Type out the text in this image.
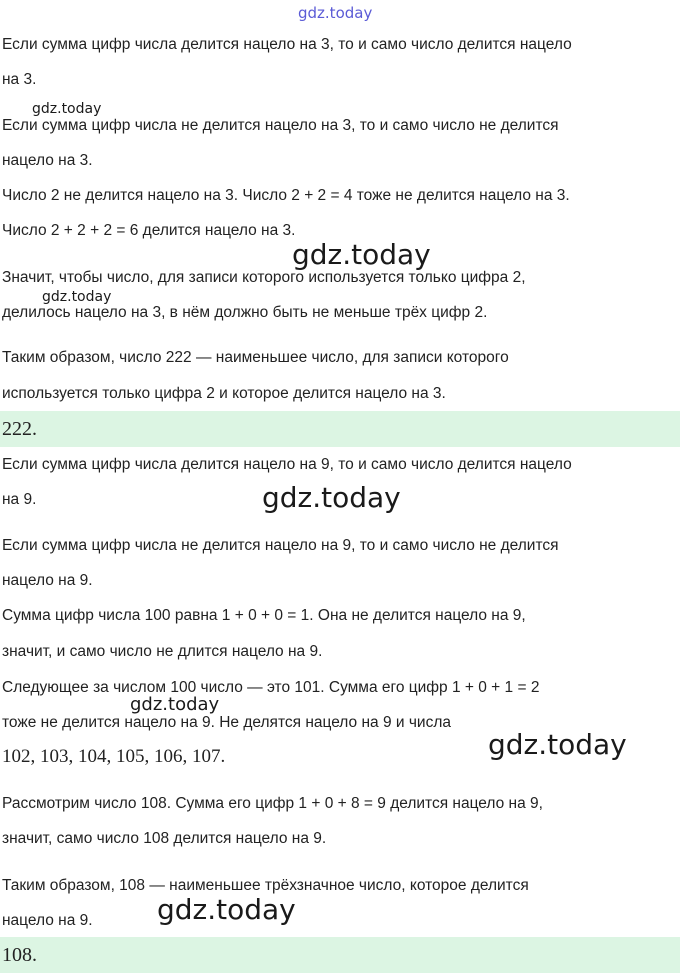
Если сумма цифр числа делится нацело на 3, то и само число делится нацело
на 3.
Если сумма цифр числа не делится нацело на 3, то и само число не делится
нацело на 3.
Число 2 не делится нацело на 3. Число 2 + 2 = 4 тоже не делится нацело на 3.
Число 2 + 2 + 2 = 6 делится нацело на 3.
Значит, чтобы число, для записи которого используется только цифра 2,
делилось нацело на 3, в нём должно быть не меньше трёх цифр 2.
Таким образом, число 222 — наименьшее число, для записи которого
используется только цифра 2 и которое делится нацело на 3.
222.
Если сумма цифр числа делится нацело на 9, то и само число делится нацело
на 9.
Если сумма цифр числа не делится нацело на 9, то и само число не делится
нацело на 9.
Сумма цифр числа 100 равна 1 + 0 + 0 = 1. Она не делится нацело на 9,
значит, и само число не длится нацело на 9.
Следующее за числом 100 число — это 101. Сумма его цифр 1 + 0 + 1 = 2
тоже не делится нацело на 9. Не делятся нацело на 9 и числа
102, 103, 104, 105, 106, 107.
Рассмотрим число 108. Сумма его цифр 1 + 0 + 8 = 9 делится нацело на 9,
значит, само число 108 делится нацело на 9.
Таким образом, 108 — наименьшее трёхзначное число, которое делится
нацело на 9.
108.
gdz.today
gdz.today
gdz.today
gdz.today
gdz.today
gdz.today
gdz.today
gdz.today
